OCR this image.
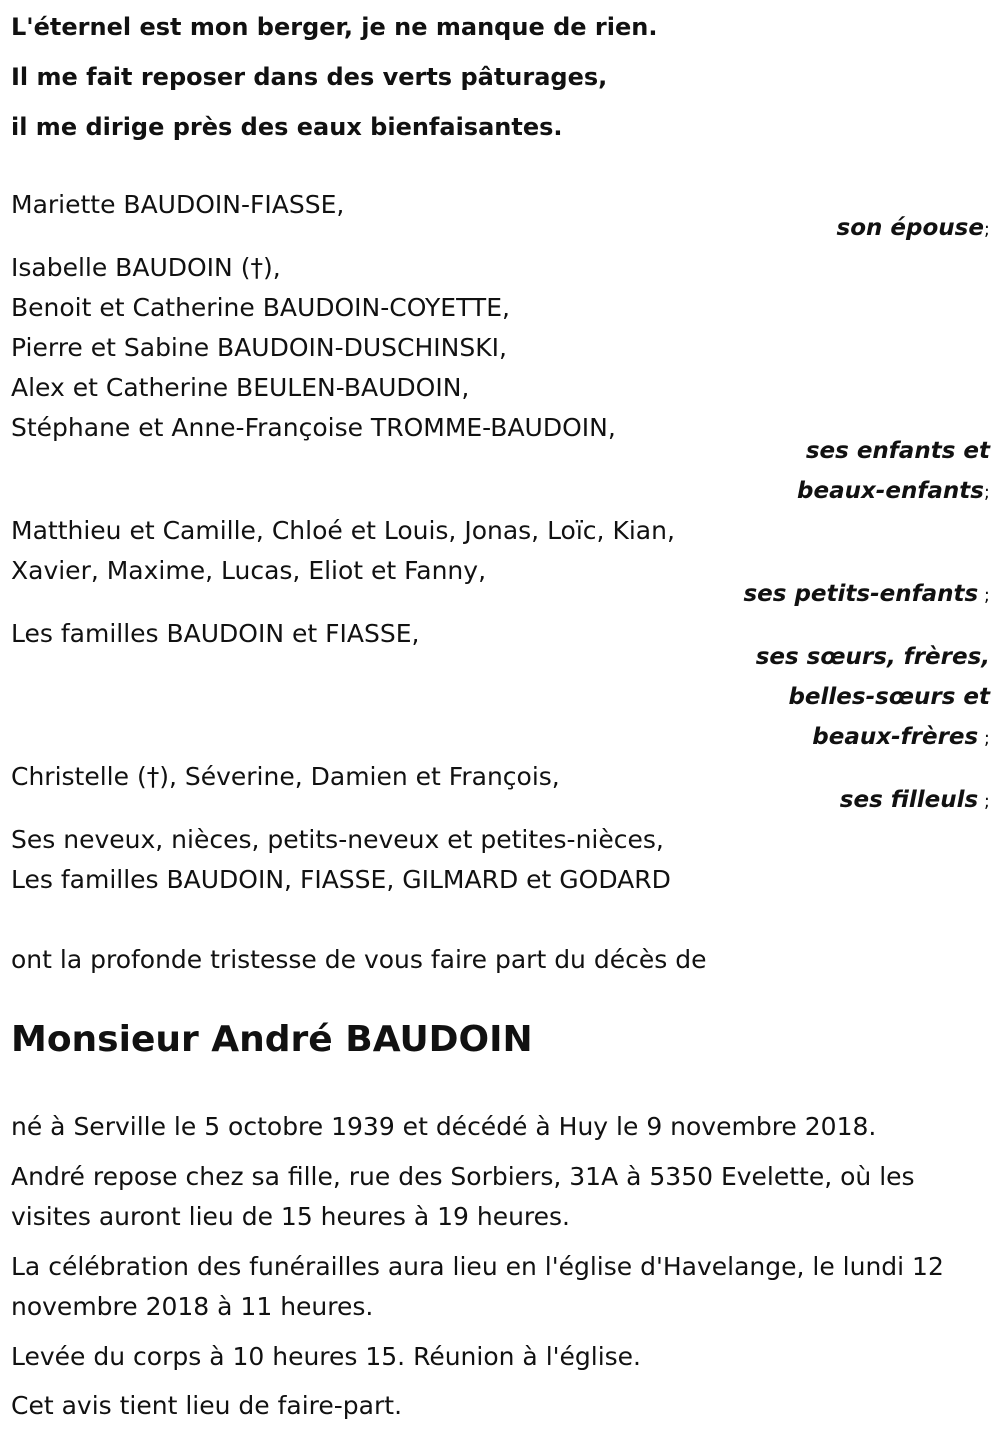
L'éternel est mon berger, je ne manque de rien.
Il me fait reposer dans des verts pâturages,
il me dirige près des eaux bienfaisantes.
Mariette BAUDOIN-FIASSE,
son épouse;
Isabelle BAUDOIN (†),
Benoit et Catherine BAUDOIN-COYETTE,
Pierre et Sabine BAUDOIN-DUSCHINSKI,
Alex et Catherine BEULEN-BAUDOIN,
Stéphane et Anne-Françoise TROMME-BAUDOIN,
ses enfants et
beaux-enfants;
Matthieu et Camille, Chloé et Louis, Jonas, Loïc, Kian,
Xavier, Maxime, Lucas, Eliot et Fanny,
ses petits-enfants ;
Les familles BAUDOIN et FIASSE,
ses sœurs, frères,
belles-sœurs et
beaux-frères ;
Christelle (†), Séverine, Damien et François,
ses filleuls ;
Ses neveux, nièces, petits-neveux et petites-nièces,
Les familles BAUDOIN, FIASSE, GILMARD et GODARD
ont la profonde tristesse de vous faire part du décès de
Monsieur André BAUDOIN
né à Serville le 5 octobre 1939 et décédé à Huy le 9 novembre 2018.
André repose chez sa fille, rue des Sorbiers, 31A à 5350 Evelette, où les
visites auront lieu de 15 heures à 19 heures.
La célébration des funérailles aura lieu en l'église d'Havelange, le lundi 12
novembre 2018 à 11 heures.
Levée du corps à 10 heures 15. Réunion à l'église.
Cet avis tient lieu de faire-part.
